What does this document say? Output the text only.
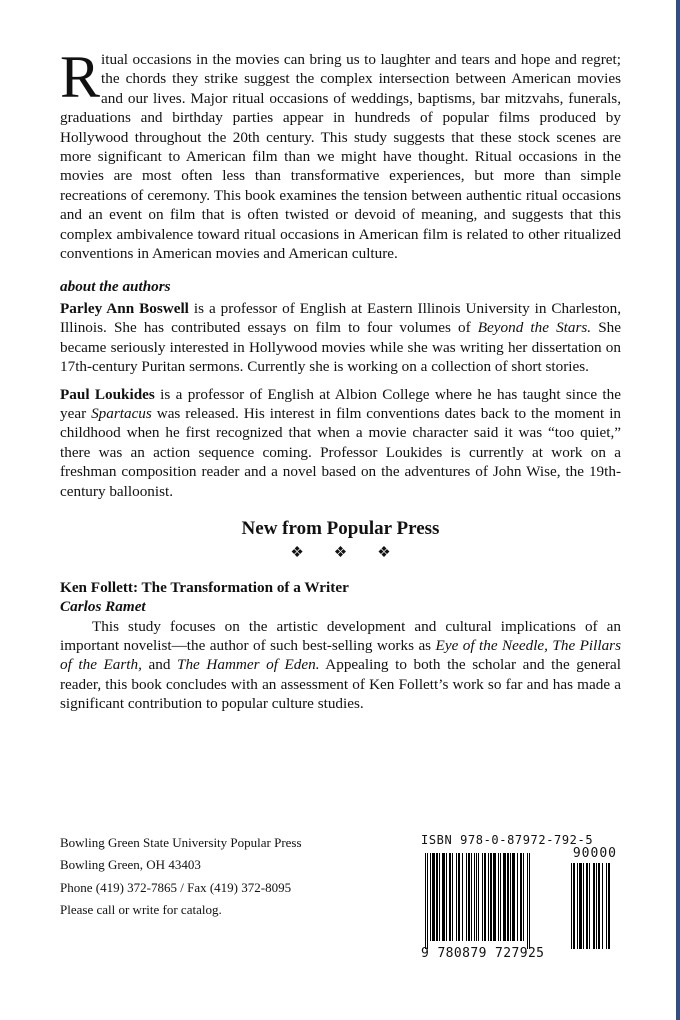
Ritual occasions in the movies can bring us to laughter and tears and hope and regret; the chords they strike suggest the complex intersection between American movies and our lives. Major ritual occasions of weddings, baptisms, bar mitzvahs, funerals, graduations and birthday parties appear in hundreds of popular films produced by Hollywood throughout the 20th century. This study suggests that these stock scenes are more significant to American film than we might have thought. Ritual occasions in the movies are most often less than transformative experiences, but more than simple recreations of ceremony. This book examines the tension between authentic ritual occasions and an event on film that is often twisted or devoid of meaning, and suggests that this complex ambivalence toward ritual occasions in American film is related to other ritualized conventions in American movies and American culture.

about the authors

Parley Ann Boswell is a professor of English at Eastern Illinois University in Charleston, Illinois. She has contributed essays on film to four volumes of Beyond the Stars. She became seriously interested in Hollywood movies while she was writing her dissertation on 17th-century Puritan sermons. Currently she is working on a collection of short stories.

Paul Loukides is a professor of English at Albion College where he has taught since the year Spartacus was released. His interest in film conventions dates back to the moment in childhood when he first recognized that when a movie character said it was “too quiet,” there was an action sequence coming. Professor Loukides is currently at work on a freshman composition reader and a novel based on the adventures of John Wise, the 19th-century balloonist.

New from Popular Press
❖❖❖

Ken Follett: The Transformation of a Writer

Carlos Ramet

This study focuses on the artistic development and cultural implications of an important novelist—the author of such best-selling works as Eye of the Needle, The Pillars of the Earth, and The Hammer of Eden. Appealing to both the scholar and the general reader, this book concludes with an assessment of Ken Follett’s work so far and has made a significant contribution to popular culture studies.

Bowling Green State University Popular Press
Bowling Green, OH 43403
Phone (419) 372-7865 / Fax (419) 372-8095
Please call or write for catalog.
ISBN 978-0-87972-792-5
90000
9 780879 727925
